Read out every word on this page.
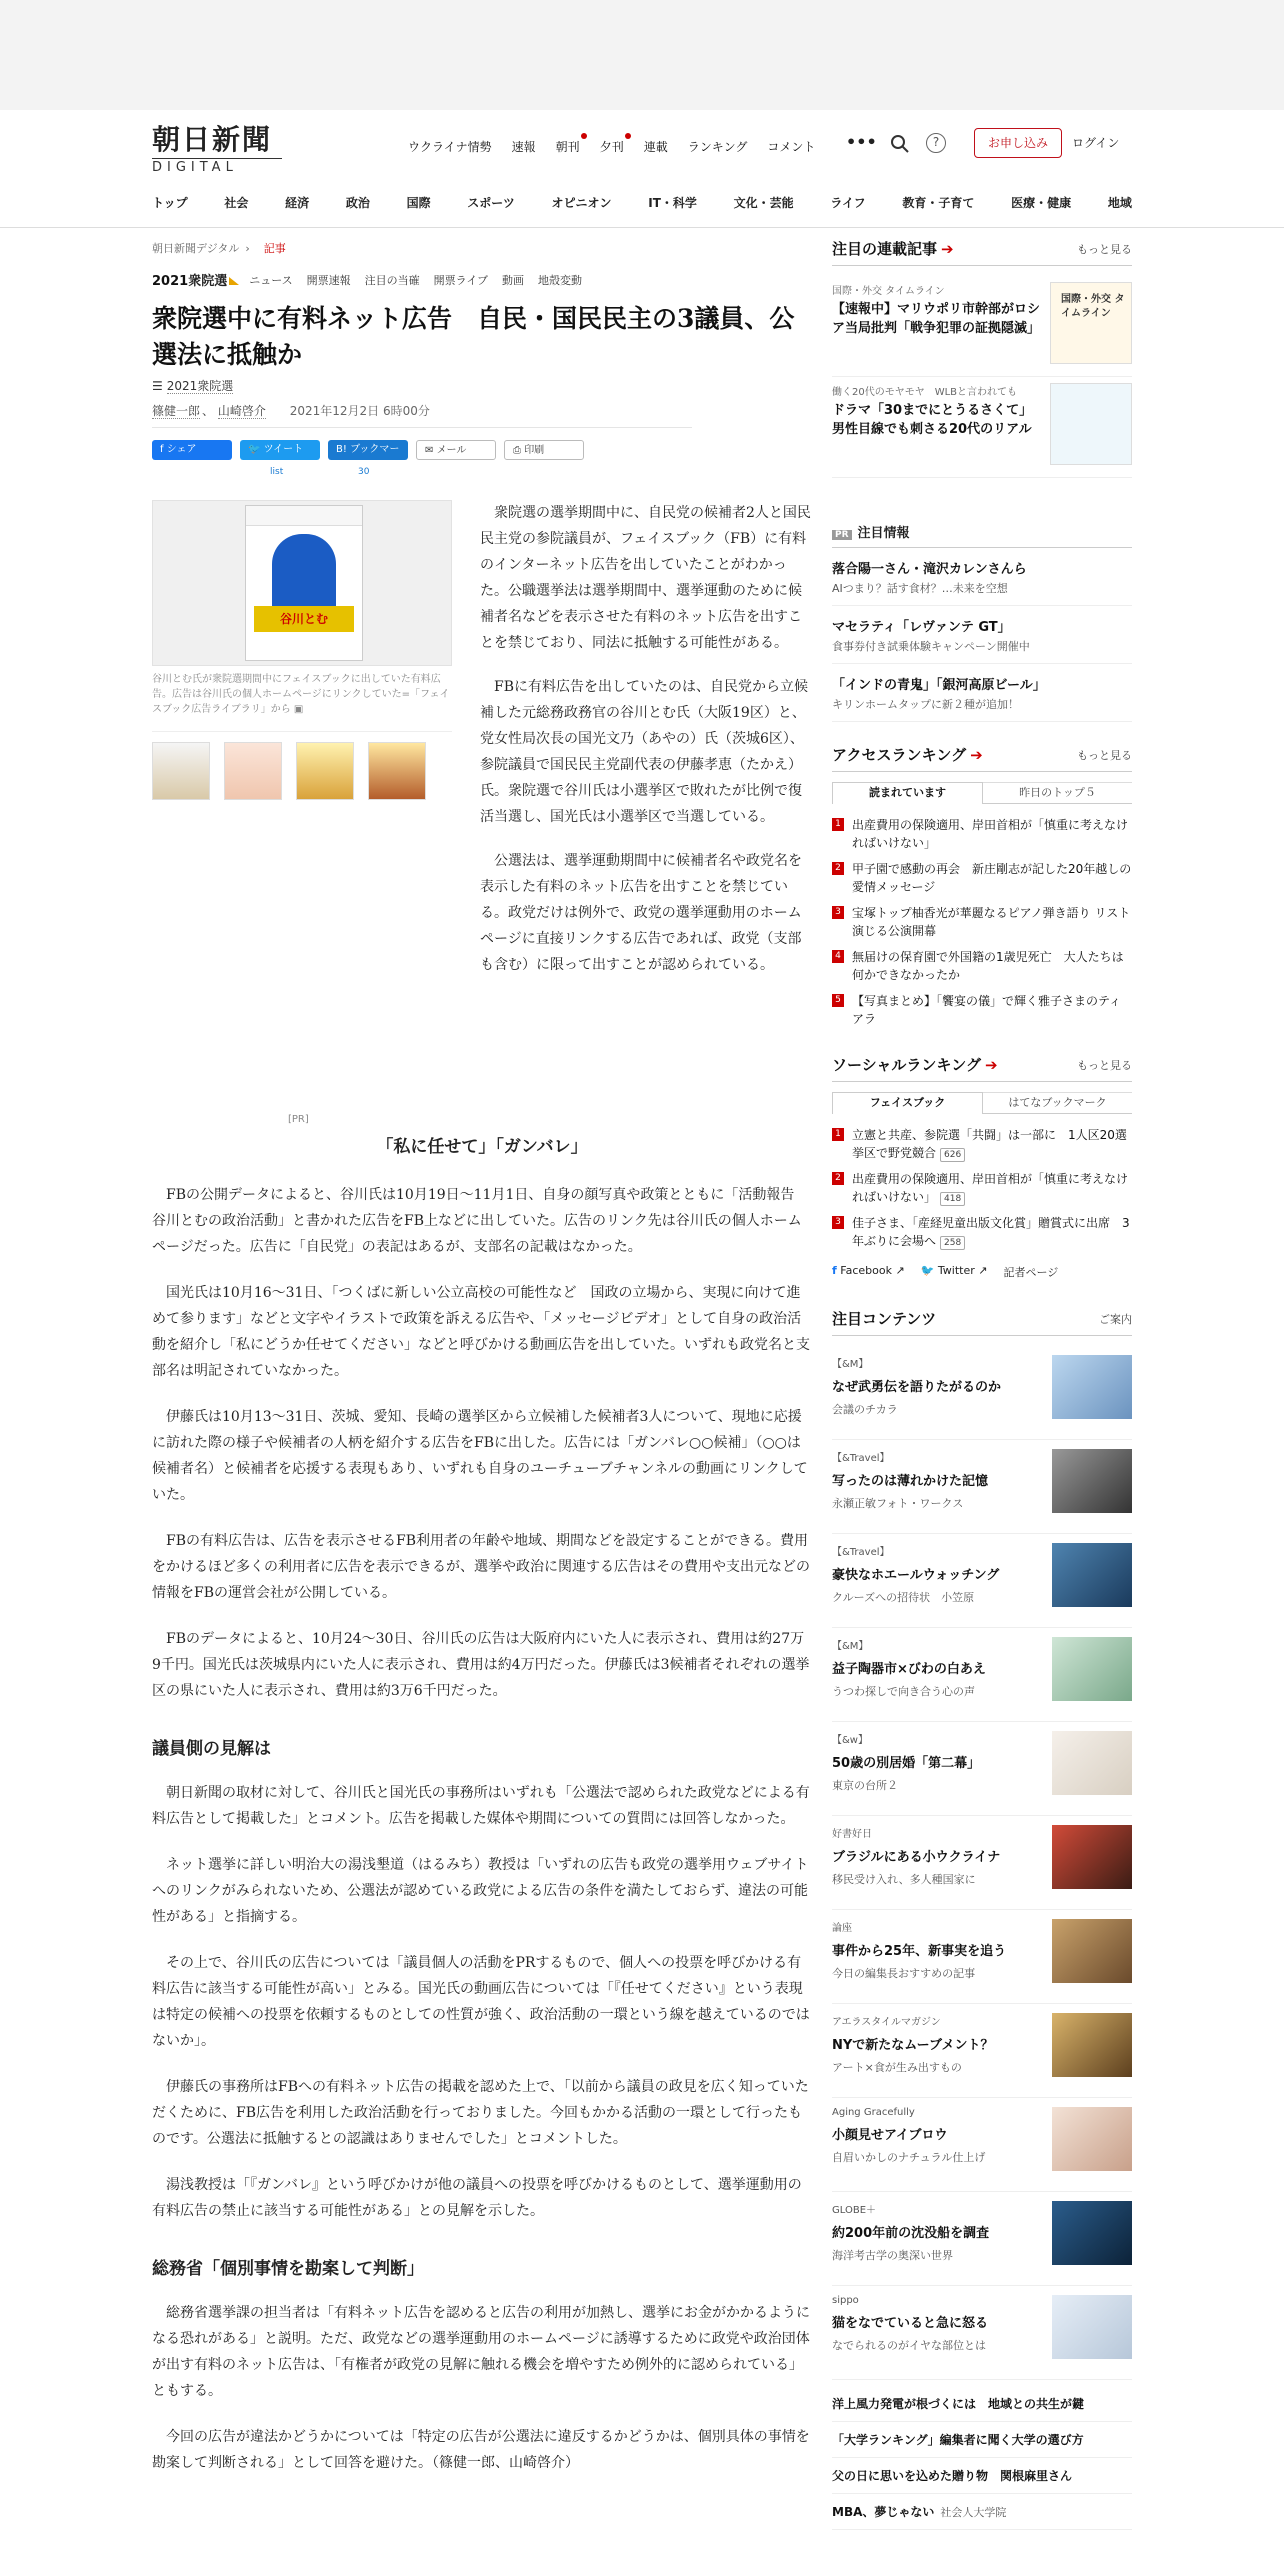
朝日新聞
DIGITAL
ウクライナ情勢 速報 朝刊 夕刊 連載 ランキング コメント •••	?	お申し込み	ログイン
トップ	社会	経済	政治	国際	スポーツ	オピニオン	IT・科学	文化・芸能	ライフ	教育・子育て	医療・健康	地域
朝日新聞デジタル › 記事
2021衆院選	ニュース 開票速報 注目の当確 開票ライブ 動画 地殻変動
衆院選中に有料ネット広告　自民・国民民主の3議員、公選法に抵触か
☰ 2021衆院選
篠健一郎 、 山崎啓介 2021年12月2日 6時00分
f シェア	🐦 ツイート
list
B! ブックマーク 30
✉ メール	⎙ 印刷
谷川とむ
谷川とむ氏が衆院選期間中にフェイスブックに出していた有料広告。広告は谷川氏の個人ホームページにリンクしていた=「フェイスブック広告ライブラリ」から ▣

衆院選の選挙期間中に、自民党の候補者2人と国民民主党の参院議員が、フェイスブック（FB）に有料のインターネット広告を出していたことがわかった。公職選挙法は選挙期間中、選挙運動のために候補者名などを表示させた有料のネット広告を出すことを禁じており、同法に抵触する可能性がある。

FBに有料広告を出していたのは、自民党から立候補した元総務政務官の谷川とむ氏（大阪19区）と、党女性局次長の国光文乃（あやの）氏（茨城6区）、参院議員で国民民主党副代表の伊藤孝恵（たかえ）氏。衆院選で谷川氏は小選挙区で敗れたが比例で復活当選し、国光氏は小選挙区で当選している。

公選法は、選挙運動期間中に候補者名や政党名を表示した有料のネット広告を出すことを禁じている。政党だけは例外で、政党の選挙運動用のホームページに直接リンクする広告であれば、政党（支部も含む）に限って出すことが認められている。

[PR]
「私に任せて」「ガンバレ」

FBの公開データによると、谷川氏は10月19日～11月1日、自身の顔写真や政策とともに「活動報告　谷川とむの政治活動」と書かれた広告をFB上などに出していた。広告のリンク先は谷川氏の個人ホームページだった。広告に「自民党」の表記はあるが、支部名の記載はなかった。

国光氏は10月16～31日、「つくばに新しい公立高校の可能性など　国政の立場から、実現に向けて進めて参ります」などと文字やイラストで政策を訴える広告や、「メッセージビデオ」として自身の政治活動を紹介し「私にどうか任せてください」などと呼びかける動画広告を出していた。いずれも政党名と支部名は明記されていなかった。

伊藤氏は10月13～31日、茨城、愛知、長崎の選挙区から立候補した候補者3人について、現地に応援に訪れた際の様子や候補者の人柄を紹介する広告をFBに出した。広告には「ガンバレ○○候補」（○○は候補者名）と候補者を応援する表現もあり、いずれも自身のユーチューブチャンネルの動画にリンクしていた。

FBの有料広告は、広告を表示させるFB利用者の年齢や地域、期間などを設定することができる。費用をかけるほど多くの利用者に広告を表示できるが、選挙や政治に関連する広告はその費用や支出元などの情報をFBの運営会社が公開している。

FBのデータによると、10月24～30日、谷川氏の広告は大阪府内にいた人に表示され、費用は約27万9千円。国光氏は茨城県内にいた人に表示され、費用は約4万円だった。伊藤氏は3候補者それぞれの選挙区の県にいた人に表示され、費用は約3万6千円だった。

議員側の見解は

朝日新聞の取材に対して、谷川氏と国光氏の事務所はいずれも「公選法で認められた政党などによる有料広告として掲載した」とコメント。広告を掲載した媒体や期間についての質問には回答しなかった。

ネット選挙に詳しい明治大の湯浅墾道（はるみち）教授は「いずれの広告も政党の選挙用ウェブサイトへのリンクがみられないため、公選法が認めている政党による広告の条件を満たしておらず、違法の可能性がある」と指摘する。

その上で、谷川氏の広告については「議員個人の活動をPRするもので、個人への投票を呼びかける有料広告に該当する可能性が高い」とみる。国光氏の動画広告については「『任せてください』という表現は特定の候補への投票を依頼するものとしての性質が強く、政治活動の一環という線を越えているのではないか」。

伊藤氏の事務所はFBへの有料ネット広告の掲載を認めた上で、「以前から議員の政見を広く知っていただくために、FB広告を利用した政治活動を行っておりました。今回もかかる活動の一環として行ったものです。公選法に抵触するとの認識はありませんでした」とコメントした。

湯浅教授は「『ガンバレ』という呼びかけが他の議員への投票を呼びかけるものとして、選挙運動用の有料広告の禁止に該当する可能性がある」との見解を示した。

総務省「個別事情を勘案して判断」

総務省選挙課の担当者は「有料ネット広告を認めると広告の利用が加熱し、選挙にお金がかかるようになる恐れがある」と説明。ただ、政党などの選挙運動用のホームページに誘導するために政党や政治団体が出す有料のネット広告は、「有権者が政党の見解に触れる機会を増やすため例外的に認められている」ともする。

今回の広告が違法かどうかについては「特定の広告が公選法に違反するかどうかは、個別具体の事情を勘案して判断される」として回答を避けた。（篠健一郎、山崎啓介）

注目の連載記事 ➔	もっと見る
国際・外交 タイムライン
【速報中】マリウポリ市幹部がロシア当局批判「戦争犯罪の証拠隠滅」
国際・外交 タイムライン
働く20代のモヤモヤ　WLBと言われても
ドラマ「30までにとうるさくて」男性目線でも刺さる20代のリアル
PR 注目情報
落合陽一さん・滝沢カレンさんら
AIつまり？話す食材？…未来を空想
マセラティ「レヴァンテ GT」
食事券付き試乗体験キャンペーン開催中
「インドの青鬼」「銀河高原ビール」
キリンホームタップに新２種が追加！
アクセスランキング ➔	もっと見る
読まれています	昨日のトップ５
1 出産費用の保険適用、岸田首相が「慎重に考えなければいけない」
2 甲子園で感動の再会　新庄剛志が記した20年越しの愛情メッセージ
3 宝塚トップ柚香光が華麗なるピアノ弾き語り リスト演じる公演開幕
4 無届けの保育園で外国籍の1歳児死亡　大人たちは何かできなかったか
5 【写真まとめ】「饗宴の儀」で輝く雅子さまのティアラ
ソーシャルランキング ➔	もっと見る
フェイスブック	はてなブックマーク
1 立憲と共産、参院選「共闘」は一部に　1人区20選挙区で野党競合 626
2 出産費用の保険適用、岸田首相が「慎重に考えなければいけない」 418
3 佳子さま、「産経児童出版文化賞」贈賞式に出席　3年ぶりに会場へ 258
f Facebook ↗ 🐦 Twitter ↗ 記者ページ
注目コンテンツ	ご案内
【&M】
なぜ武勇伝を語りたがるのか
会議のチカラ
【&Travel】
写ったのは薄れかけた記憶
永瀬正敏フォト・ワークス
【&Travel】
豪快なホエールウォッチング
クルーズへの招待状　小笠原
【&M】
益子陶器市×びわの白あえ
うつわ探しで向き合う心の声
【&w】
50歳の別居婚「第二幕」
東京の台所２
好書好日
ブラジルにある小ウクライナ
移民受け入れ、多人種国家に
論座
事件から25年、新事実を追う
今日の編集長おすすめの記事
アエラスタイルマガジン
NYで新たなムーブメント？
アート×食が生み出すもの
Aging Gracefully
小顔見せアイブロウ
自眉いかしのナチュラル仕上げ
GLOBE＋
約200年前の沈没船を調査
海洋考古学の奥深い世界
sippo
猫をなでていると急に怒る
なでられるのがイヤな部位とは
洋上風力発電が根づくには　地域との共生が鍵
「大学ランキング」編集者に聞く大学の選び方
父の日に思いを込めた贈り物　関根麻里さん
MBA、夢じゃない 社会人大学院
